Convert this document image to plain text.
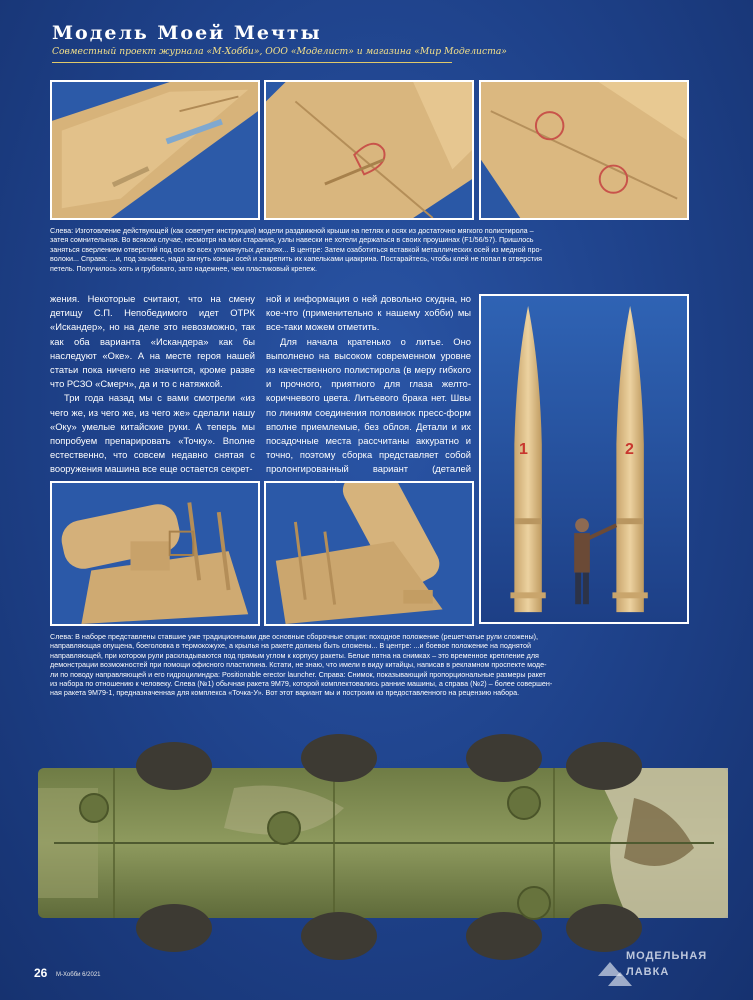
Модель Моей Мечты
Совместный проект журнала «М-Хобби», ООО «Моделист» и магазина «Мир Моделиста»
Слева: Изготовление действующей (как советует инструкция) модели раздвижной крыши на петлях и осях из достаточно мягкого полистирола –
затея сомнительная. Во всяком случае, несмотря на мои старания, узлы навески не хотели держаться в своих проушинах (F1/56/57). Пришлось
заняться сверлением отверстий под оси во всех упомянутых деталях... В центре: Затем озаботиться вставкой металлических осей из медной про-
волоки... Справа: ...и, под занавес, надо загнуть концы осей и закрепить их капельками циакрина. Постарайтесь, чтобы клей не попал в отверстия
петель. Получилось хоть и грубовато, зато надежнее, чем пластиковый крепеж.

жения. Некоторые считают, что на смену детищу С.П. Непобедимого идет ОТРК «Искандер», но на деле это невозможно, так как оба варианта «Искандера» как бы наследуют «Оке». А на месте героя нашей статьи пока ничего не значится, кроме разве что РСЗО «Смерч», да и то с натяжкой.

Три года назад мы с вами смотрели «из чего же, из чего же, из чего же» сделали нашу «Оку» умелые китайские руки. А теперь мы попробуем препарировать «Точку». Вполне естественно, что совсем недавно снятая с вооружения машина все еще остается секрет-

ной и информация о ней довольно скудна, но кое-что (применительно к нашему хобби) мы все-таки можем отметить.

Для начала кратенько о литье. Оно выполнено на высоком современном уровне из качественного полистирола (в меру гибкого и прочного, приятного для глаза желто-коричневого цвета. Литьевого брака нет. Швы по линиям соединения половинок пресс-форм вполне приемлемые, без облоя. Детали и их посадочные места рассчитаны аккуратно и точно, поэтому сборка представляет собой пролонгированный вариант (деталей

1	2
Слева: В наборе представлены ставшие уже традиционными две основные сборочные опции: походное положение (решетчатые рули сложены),
направляющая опущена, боеголовка в термокожухе, а крылья на ракете должны быть сложены... В центре: ...и боевое положение на поднятой
направляющей, при котором рули раскладываются под прямым углом к корпусу ракеты. Белые пятна на снимках – это временное крепление для
демонстрации возможностей при помощи офисного пластилина. Кстати, не знаю, что имели в виду китайцы, написав в рекламном проспекте моде-
ли по поводу направляющей и его гидроцилиндра: Positionable erector launcher. Справа: Снимок, показывающий пропорциональные размеры ракет
из набора по отношению к человеку. Слева (№1) обычная ракета 9М79, которой комплектовались ранние машины, а справа (№2) – более совершен-
ная ракета 9М79-1, предназначенная для комплекса «Точка-У». Вот этот вариант мы и построим из предоставленного на рецензию набора.
26 М-Хобби 6/2021
МОДЕЛЬНАЯ
ЛАВКА
